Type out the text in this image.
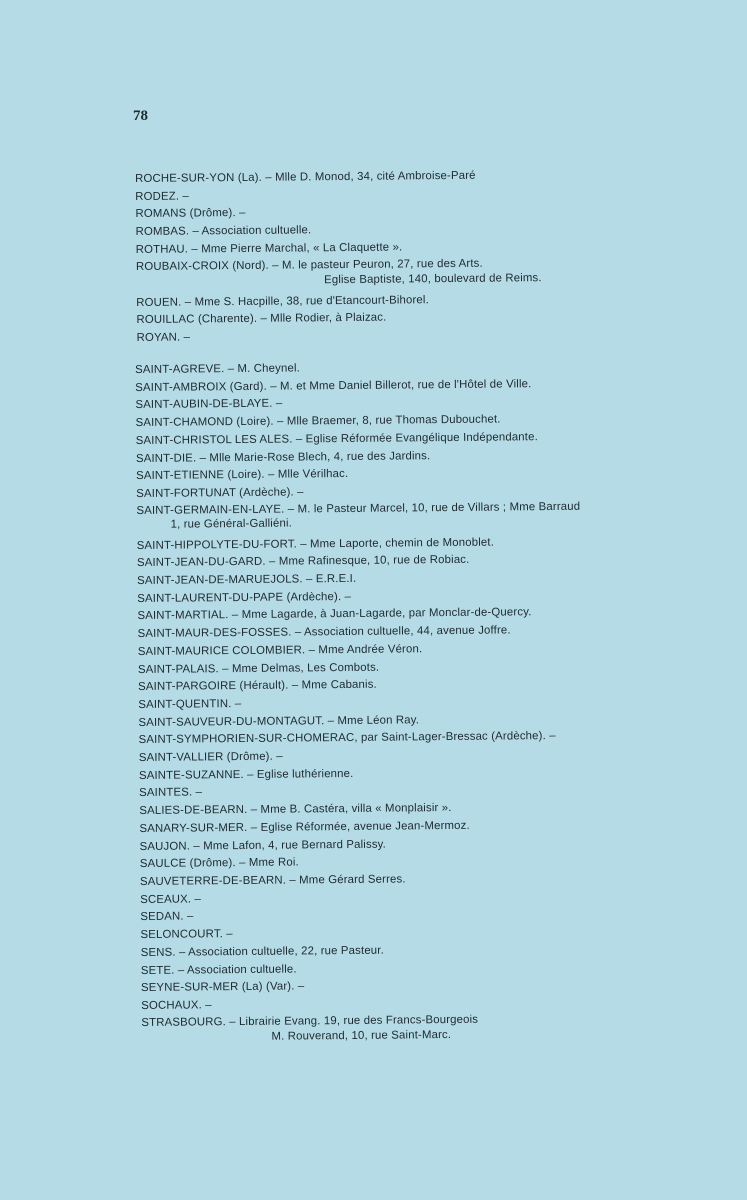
78
ROCHE-SUR-YON (La). – Mlle D. Monod, 34, cité Ambroise-Paré
RODEZ. –
ROMANS (Drôme). –
ROMBAS. – Association cultuelle.
ROTHAU. – Mme Pierre Marchal, « La Claquette ».
ROUBAIX-CROIX (Nord). – M. le pasteur Peuron, 27, rue des Arts.
Eglise Baptiste, 140, boulevard de Reims.
ROUEN. – Mme S. Hacpille, 38, rue d'Etancourt-Bihorel.
ROUILLAC (Charente). – Mlle Rodier, à Plaizac.
ROYAN. –
SAINT-AGREVE. – M. Cheynel.
SAINT-AMBROIX (Gard). – M. et Mme Daniel Billerot, rue de l'Hôtel de Ville.
SAINT-AUBIN-DE-BLAYE. –
SAINT-CHAMOND (Loire). – Mlle Braemer, 8, rue Thomas Dubouchet.
SAINT-CHRISTOL LES ALES. – Eglise Réformée Evangélique Indépendante.
SAINT-DIE. – Mlle Marie-Rose Blech, 4, rue des Jardins.
SAINT-ETIENNE (Loire). – Mlle Vérilhac.
SAINT-FORTUNAT (Ardèche). –
SAINT-GERMAIN-EN-LAYE. – M. le Pasteur Marcel, 10, rue de Villars ; Mme Barraud
1, rue Général-Galliéni.
SAINT-HIPPOLYTE-DU-FORT. – Mme Laporte, chemin de Monoblet.
SAINT-JEAN-DU-GARD. – Mme Rafinesque, 10, rue de Robiac.
SAINT-JEAN-DE-MARUEJOLS. – E.R.E.I.
SAINT-LAURENT-DU-PAPE (Ardèche). –
SAINT-MARTIAL. – Mme Lagarde, à Juan-Lagarde, par Monclar-de-Quercy.
SAINT-MAUR-DES-FOSSES. – Association cultuelle, 44, avenue Joffre.
SAINT-MAURICE COLOMBIER. – Mme Andrée Véron.
SAINT-PALAIS. – Mme Delmas, Les Combots.
SAINT-PARGOIRE (Hérault). – Mme Cabanis.
SAINT-QUENTIN. –
SAINT-SAUVEUR-DU-MONTAGUT. – Mme Léon Ray.
SAINT-SYMPHORIEN-SUR-CHOMERAC, par Saint-Lager-Bressac (Ardèche). –
SAINT-VALLIER (Drôme). –
SAINTE-SUZANNE. – Eglise luthérienne.
SAINTES. –
SALIES-DE-BEARN. – Mme B. Castéra, villa « Monplaisir ».
SANARY-SUR-MER. – Eglise Réformée, avenue Jean-Mermoz.
SAUJON. – Mme Lafon, 4, rue Bernard Palissy.
SAULCE (Drôme). – Mme Roi.
SAUVETERRE-DE-BEARN. – Mme Gérard Serres.
SCEAUX. –
SEDAN. –
SELONCOURT. –
SENS. – Association cultuelle, 22, rue Pasteur.
SETE. – Association cultuelle.
SEYNE-SUR-MER (La) (Var). –
SOCHAUX. –
STRASBOURG. – Librairie Evang. 19, rue des Francs-Bourgeois
M. Rouverand, 10, rue Saint-Marc.
